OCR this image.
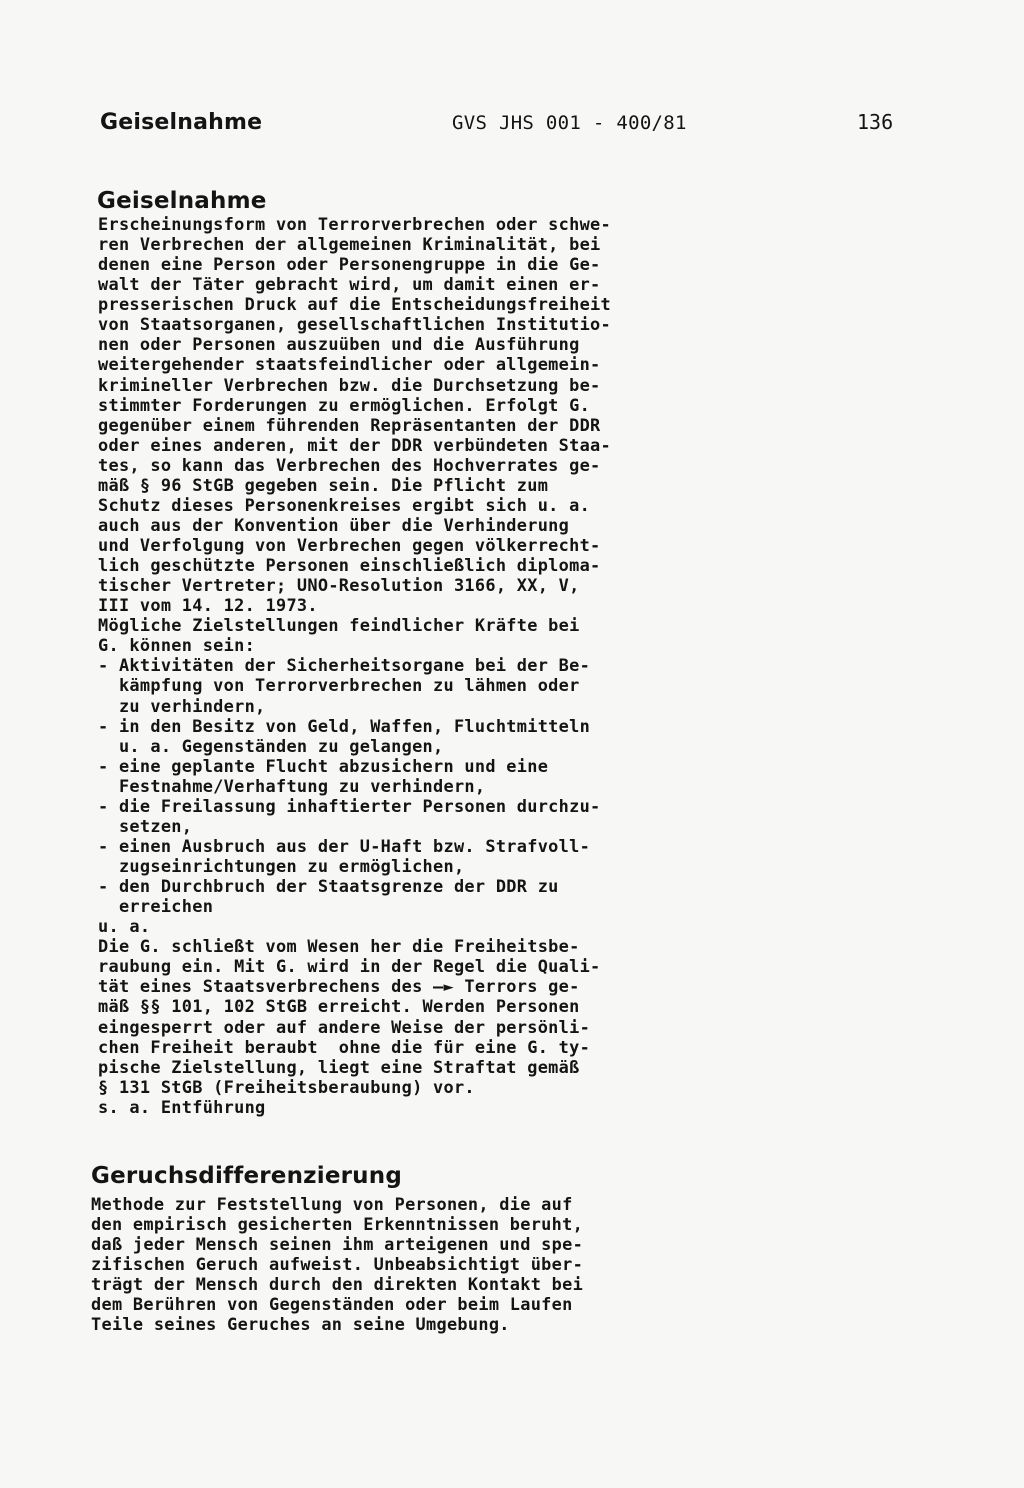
Geiselnahme	GVS JHS 001 - 400/81	136
Geiselnahme
Erscheinungsform von Terrorverbrechen oder schwe-
ren Verbrechen der allgemeinen Kriminalität, bei
denen eine Person oder Personengruppe in die Ge-
walt der Täter gebracht wird, um damit einen er-
presserischen Druck auf die Entscheidungsfreiheit
von Staatsorganen, gesellschaftlichen Institutio-
nen oder Personen auszuüben und die Ausführung
weitergehender staatsfeindlicher oder allgemein-
krimineller Verbrechen bzw. die Durchsetzung be-
stimmter Forderungen zu ermöglichen. Erfolgt G.
gegenüber einem führenden Repräsentanten der DDR
oder eines anderen, mit der DDR verbündeten Staa-
tes, so kann das Verbrechen des Hochverrates ge-
mäß § 96 StGB gegeben sein. Die Pflicht zum
Schutz dieses Personenkreises ergibt sich u. a.
auch aus der Konvention über die Verhinderung
und Verfolgung von Verbrechen gegen völkerrecht-
lich geschützte Personen einschließlich diploma-
tischer Vertreter; UNO-Resolution 3166, XX, V,
III vom 14. 12. 1973.
Mögliche Zielstellungen feindlicher Kräfte bei
G. können sein:
- Aktivitäten der Sicherheitsorgane bei der Be-
kämpfung von Terrorverbrechen zu lähmen oder
zu verhindern,
- in den Besitz von Geld, Waffen, Fluchtmitteln
u. a. Gegenständen zu gelangen,
- eine geplante Flucht abzusichern und eine
Festnahme/Verhaftung zu verhindern,
- die Freilassung inhaftierter Personen durchzu-
setzen,
- einen Ausbruch aus der U-Haft bzw. Strafvoll-
zugseinrichtungen zu ermöglichen,
- den Durchbruch der Staatsgrenze der DDR zu
erreichen
u. a.
Die G. schließt vom Wesen her die Freiheitsbe-
raubung ein. Mit G. wird in der Regel die Quali-
tät eines Staatsverbrechens des —► Terrors ge-
mäß §§ 101, 102 StGB erreicht. Werden Personen
eingesperrt oder auf andere Weise der persönli-
chen Freiheit beraubt  ohne die für eine G. ty-
pische Zielstellung, liegt eine Straftat gemäß
§ 131 StGB (Freiheitsberaubung) vor.
s. a. Entführung
Geruchsdifferenzierung
Methode zur Feststellung von Personen, die auf
den empirisch gesicherten Erkenntnissen beruht,
daß jeder Mensch seinen ihm arteigenen und spe-
zifischen Geruch aufweist. Unbeabsichtigt über-
trägt der Mensch durch den direkten Kontakt bei
dem Berühren von Gegenständen oder beim Laufen
Teile seines Geruches an seine Umgebung.
